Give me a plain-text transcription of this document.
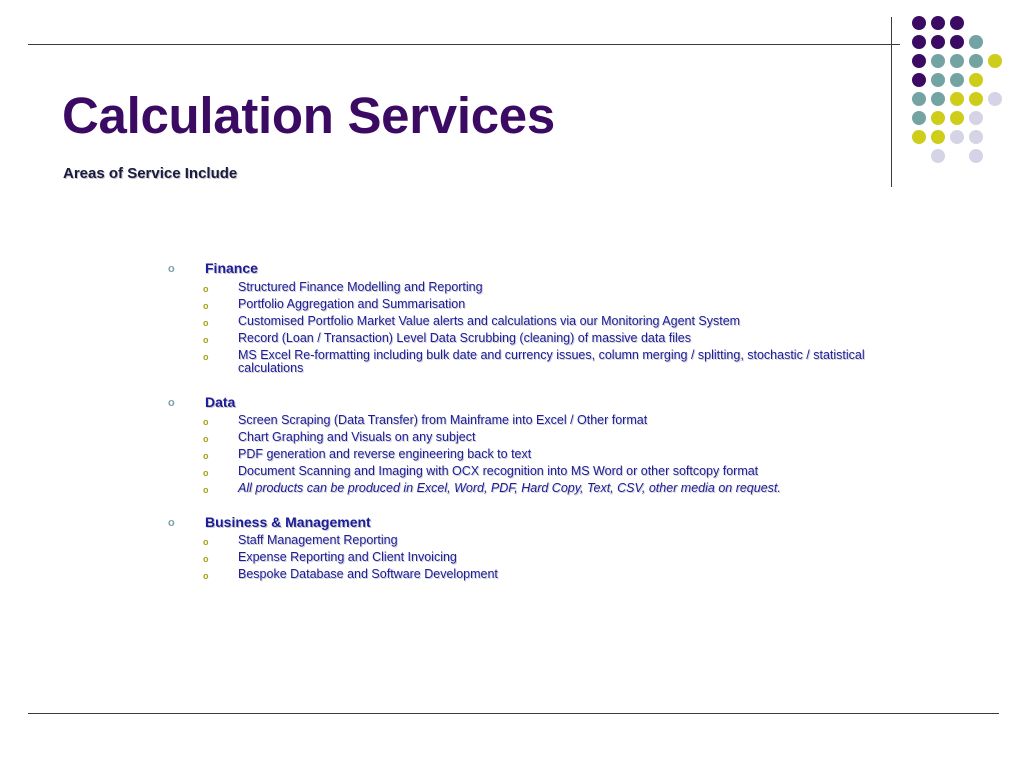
Calculation Services
Areas of Service Include
o Finance
o Structured Finance Modelling and Reporting
o Portfolio Aggregation and Summarisation
o Customised Portfolio Market Value alerts and calculations via our Monitoring Agent System
o Record (Loan / Transaction) Level Data Scrubbing (cleaning) of massive data files
o MS Excel Re-formatting including bulk date and currency issues, column merging / splitting, stochastic / statistical calculations
o Data
o Screen Scraping (Data Transfer) from Mainframe into Excel / Other format
o Chart Graphing and Visuals on any subject
o PDF generation and reverse engineering back to text
o Document Scanning and Imaging with OCX recognition into MS Word or other softcopy format
o All products can be produced in Excel, Word, PDF, Hard Copy, Text, CSV, other media on request.
o Business & Management
o Staff Management Reporting
o Expense Reporting and Client Invoicing
o Bespoke Database and Software Development
